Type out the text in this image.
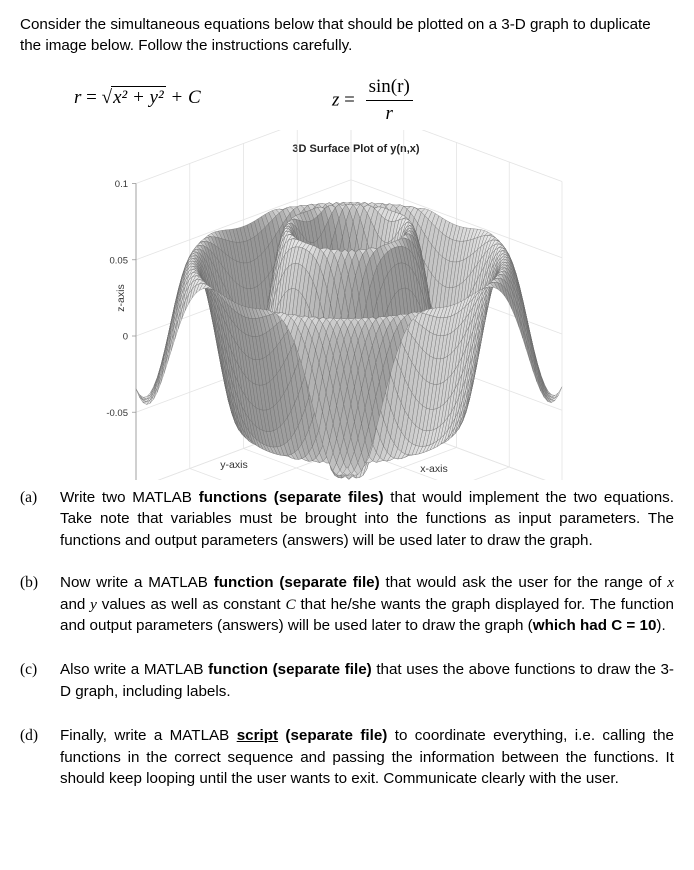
Consider the simultaneous equations below that should be plotted on a 3-D graph to duplicate the image below. Follow the instructions carefully.
r = √x² + y² + C	$z = \frac{\sin(r)}{r}$
3D Surface Plot of y(n,x)
-0.05
0
0.05
0.1
z-axis
y-axis	x-axis
(a)	Write two MATLAB functions (separate files) that would implement the two equations. Take note that variables must be brought into the functions as input parameters. The functions and output parameters (answers) will be used later to draw the graph.
(b)	Now write a MATLAB function (separate file) that would ask the user for the range of x and y values as well as constant C that he/she wants the graph displayed for. The function and output parameters (answers) will be used later to draw the graph (which had C = 10).
(c)	Also write a MATLAB function (separate file) that uses the above functions to draw the 3-D graph, including labels.
(d)	Finally, write a MATLAB script (separate file) to coordinate everything, i.e. calling the functions in the correct sequence and passing the information between the functions. It should keep looping until the user wants to exit. Communicate clearly with the user.
